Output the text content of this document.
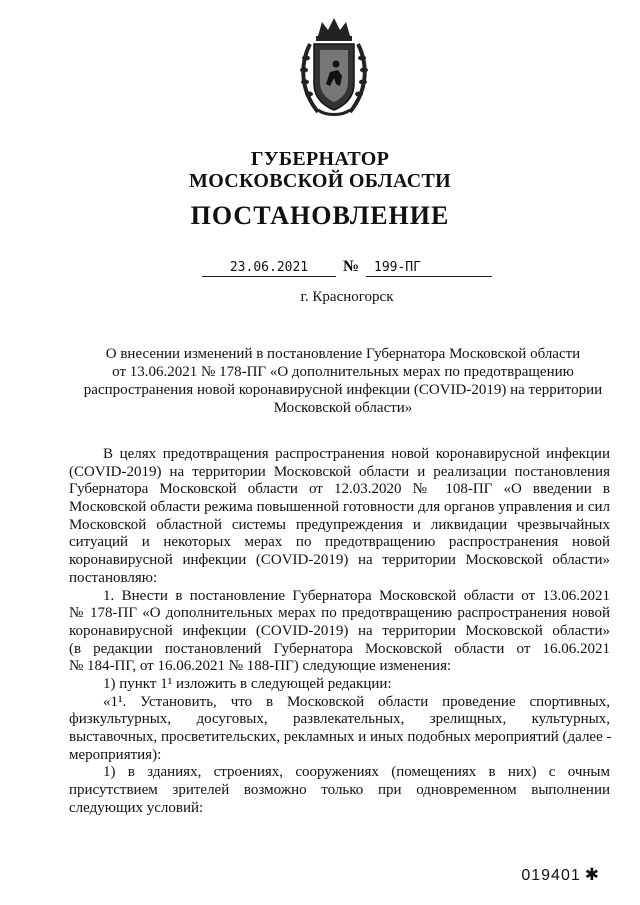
ГУБЕРНАТОР
МОСКОВСКОЙ ОБЛАСТИ
ПОСТАНОВЛЕНИЕ
23.06.2021	№	199-ПГ
г. Красногорск
О внесении изменений в постановление Губернатора Московской области
от 13.06.2021 № 178-ПГ «О дополнительных мерах по предотвращению
распространения новой коронавирусной инфекции (COVID-2019) на территории
Московской области»
В целях предотвращения распространения новой коронавирусной инфекции
(COVID-2019) на территории Московской области и реализации постановления
Губернатора Московской области от 12.03.2020 № 108-ПГ «О введении в
Московской области режима повышенной готовности для органов управления и сил
Московской областной системы предупреждения и ликвидации чрезвычайных
ситуаций и некоторых мерах по предотвращению распространения новой
коронавирусной инфекции (COVID-2019) на территории Московской области»
постановляю:
1. Внести в постановление Губернатора Московской области от 13.06.2021
№ 178-ПГ «О дополнительных мерах по предотвращению распространения новой
коронавирусной инфекции (COVID-2019) на территории Московской области»
(в редакции постановлений Губернатора Московской области от 16.06.2021
№ 184-ПГ, от 16.06.2021 № 188-ПГ) следующие изменения:
1) пункт 1¹ изложить в следующей редакции:
«1¹. Установить, что в Московской области проведение спортивных,
физкультурных, досуговых, развлекательных, зрелищных, культурных,
выставочных, просветительских, рекламных и иных подобных мероприятий (далее -
мероприятия):
1) в зданиях, строениях, сооружениях (помещениях в них) с очным
присутствием зрителей возможно только при одновременном выполнении
следующих условий:
019401 ✱
